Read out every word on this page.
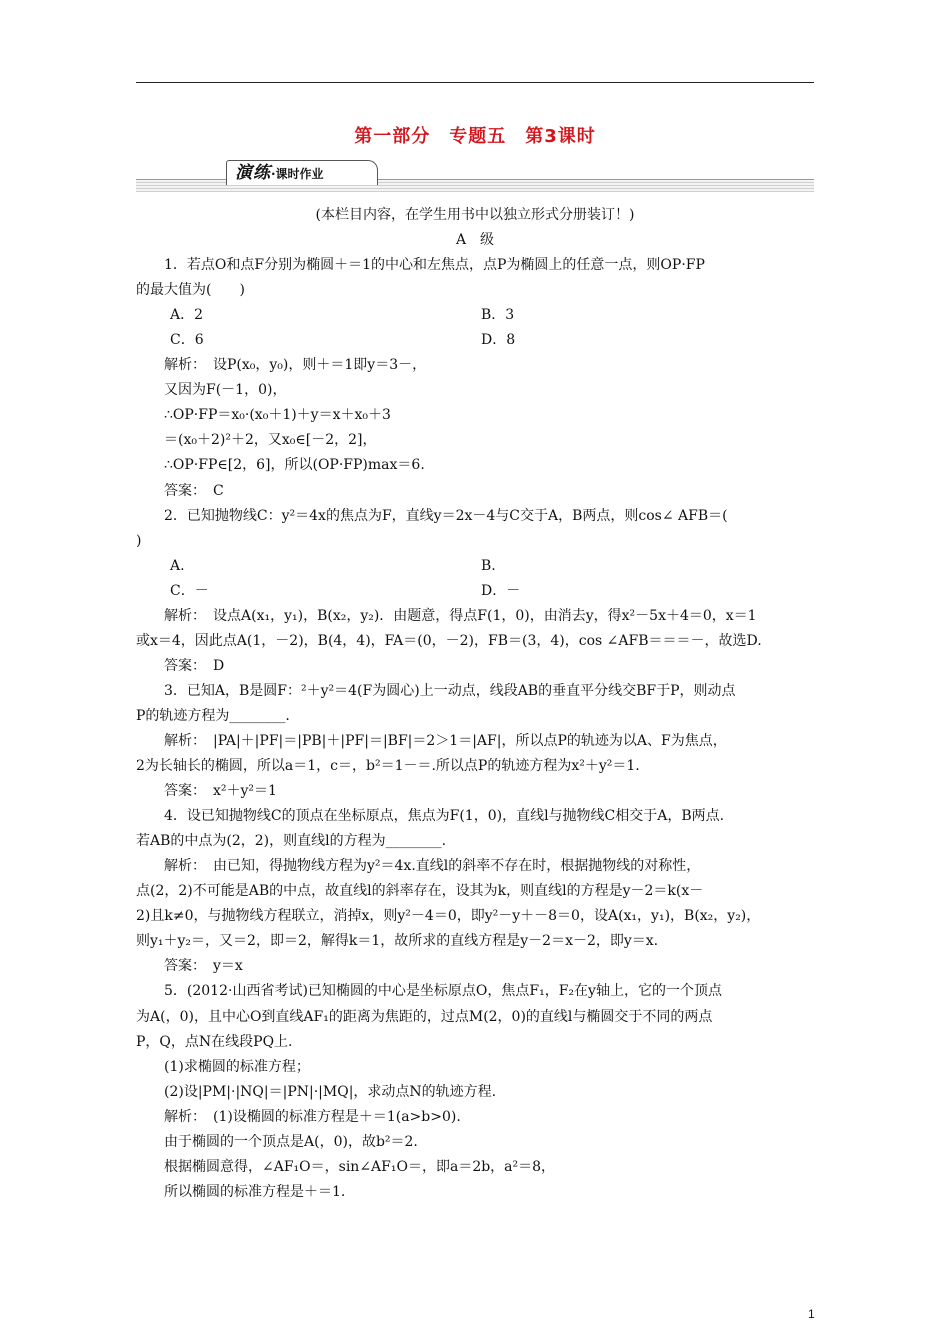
第一部分　专题五　第3课时
演练·课时作业
(本栏目内容，在学生用书中以独立形式分册装订！)
A　级
1．若点O和点F分别为椭圆＋＝1的中心和左焦点，点P为椭圆上的任意一点，则OP·FP
的最大值为(　　)
A．2	B．3
C．6	D．8
解析：　设P(x₀，y₀)，则＋＝1即y＝3－，
又因为F(－1，0)，
∴OP·FP＝x₀·(x₀＋1)＋y＝x＋x₀＋3
＝(x₀＋2)²＋2，又x₀∈[－2，2]，
∴OP·FP∈[2，6]，所以(OP·FP)max＝6.
答案：　C
2．已知抛物线C：y²＝4x的焦点为F，直线y＝2x－4与C交于A，B两点，则cos∠ AFB＝(
)
A.	B.
C．－	D．－
解析：　设点A(x₁，y₁)，B(x₂，y₂)．由题意，得点F(1，0)，由消去y，得x²－5x＋4＝0，x＝1
或x＝4，因此点A(1，－2)，B(4，4)，FA＝(0，－2)，FB＝(3，4)，cos ∠AFB＝＝＝－，故选D.
答案：　D
3．已知A，B是圆F：²＋y²＝4(F为圆心)上一动点，线段AB的垂直平分线交BF于P，则动点
P的轨迹方程为________.
解析：　|PA|＋|PF|＝|PB|＋|PF|＝|BF|＝2＞1＝|AF|，所以点P的轨迹为以A、F为焦点，
2为长轴长的椭圆，所以a＝1，c＝，b²＝1－＝.所以点P的轨迹方程为x²＋y²＝1.
答案：　x²＋y²＝1
4．设已知抛物线C的顶点在坐标原点，焦点为F(1，0)，直线l与抛物线C相交于A，B两点.
若AB的中点为(2，2)，则直线l的方程为________.
解析：　由已知，得抛物线方程为y²＝4x.直线l的斜率不存在时，根据抛物线的对称性，
点(2，2)不可能是AB的中点，故直线l的斜率存在，设其为k，则直线l的方程是y－2＝k(x－
2)且k≠0，与抛物线方程联立，消掉x，则y²－4＝0，即y²－y＋－8＝0，设A(x₁，y₁)，B(x₂，y₂)，
则y₁＋y₂＝，又＝2，即＝2，解得k＝1，故所求的直线方程是y－2＝x－2，即y＝x.
答案：　y＝x
5．(2012·山西省考试)已知椭圆的中心是坐标原点O，焦点F₁，F₂在y轴上，它的一个顶点
为A(，0)，且中心O到直线AF₁的距离为焦距的，过点M(2，0)的直线l与椭圆交于不同的两点
P，Q，点N在线段PQ上.
(1)求椭圆的标准方程；
(2)设|PM|·|NQ|＝|PN|·|MQ|，求动点N的轨迹方程.
解析：　(1)设椭圆的标准方程是＋＝1(a>b>0).
由于椭圆的一个顶点是A(，0)，故b²＝2.
根据椭圆意得，∠AF₁O＝，sin∠AF₁O＝，即a＝2b，a²＝8，
所以椭圆的标准方程是＋＝1.
1
